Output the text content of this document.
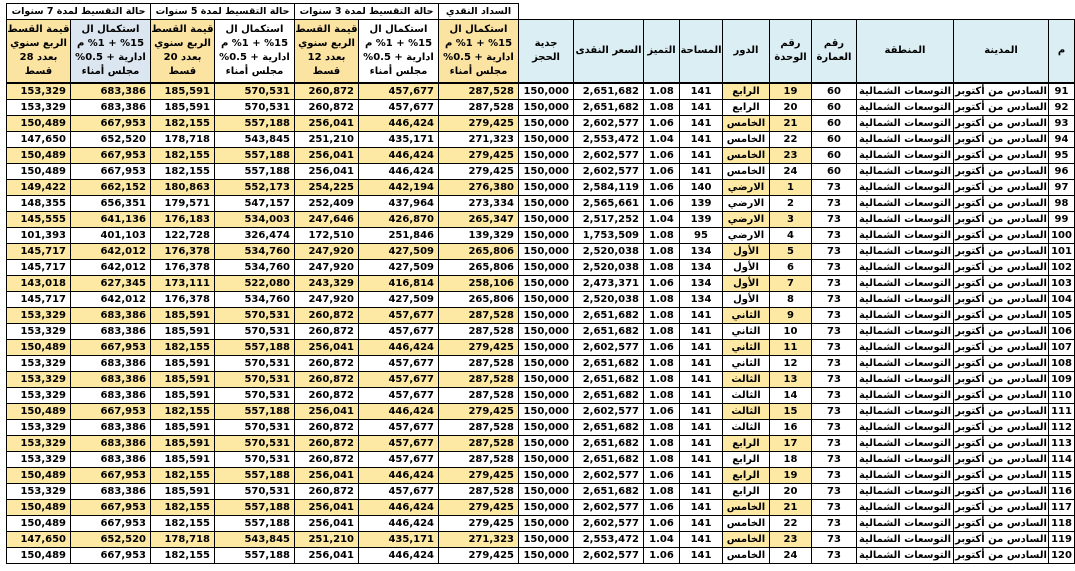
حالة التقسيط لمدة 7 سنوات		حالة التقسيط لمدة 5 سنوات		حالة التقسيط لمدة 3 سنوات		السداد النقدي										
قيمة القسط الربع سنوي بعدد 28 قسط	استكمال ال 15% + 1% م ادارية + 0.5% مجلس أمناء	قيمة القسط الربع سنوي بعدد 20 قسط	استكمال ال 15% + 1% م ادارية + 0.5% مجلس أمناء	قيمة القسط الربع سنوي بعدد 12 قسط	استكمال ال 15% + 1% م ادارية + 0.5% مجلس أمناء	استكمال ال 15% + 1% م ادارية + 0.5% مجلس أمناء	جدية الحجز	السعر النقدى	التميز	المساحة	الدور	رقم الوحدة	رقم العمارة	المنطقة	المدينة	م
153,329	683,386	185,591	570,531	260,872	457,677	287,528	150,000	2,651,682	1.08	141	الرابع	19	60	التوسعات الشمالية	السادس من أكتوبر	91
153,329	683,386	185,591	570,531	260,872	457,677	287,528	150,000	2,651,682	1.08	141	الرابع	20	60	التوسعات الشمالية	السادس من أكتوبر	92
150,489	667,953	182,155	557,188	256,041	446,424	279,425	150,000	2,602,577	1.06	141	الخامس	21	60	التوسعات الشمالية	السادس من أكتوبر	93
147,650	652,520	178,718	543,845	251,210	435,171	271,323	150,000	2,553,472	1.04	141	الخامس	22	60	التوسعات الشمالية	السادس من أكتوبر	94
150,489	667,953	182,155	557,188	256,041	446,424	279,425	150,000	2,602,577	1.06	141	الخامس	23	60	التوسعات الشمالية	السادس من أكتوبر	95
150,489	667,953	182,155	557,188	256,041	446,424	279,425	150,000	2,602,577	1.06	141	الخامس	24	60	التوسعات الشمالية	السادس من أكتوبر	96
149,422	662,152	180,863	552,173	254,225	442,194	276,380	150,000	2,584,119	1.06	140	الارضي	1	73	التوسعات الشمالية	السادس من أكتوبر	97
148,355	656,351	179,571	547,157	252,409	437,964	273,334	150,000	2,565,661	1.06	139	الارضي	2	73	التوسعات الشمالية	السادس من أكتوبر	98
145,555	641,136	176,183	534,003	247,646	426,870	265,347	150,000	2,517,252	1.04	139	الارضي	3	73	التوسعات الشمالية	السادس من أكتوبر	99
101,393	401,103	122,728	326,474	172,510	251,846	139,329	150,000	1,753,509	1.08	95	الارضي	4	73	التوسعات الشمالية	السادس من أكتوبر	100
145,717	642,012	176,378	534,760	247,920	427,509	265,806	150,000	2,520,038	1.08	134	الأول	5	73	التوسعات الشمالية	السادس من أكتوبر	101
145,717	642,012	176,378	534,760	247,920	427,509	265,806	150,000	2,520,038	1.08	134	الأول	6	73	التوسعات الشمالية	السادس من أكتوبر	102
143,018	627,345	173,111	522,080	243,329	416,814	258,106	150,000	2,473,371	1.06	134	الأول	7	73	التوسعات الشمالية	السادس من أكتوبر	103
145,717	642,012	176,378	534,760	247,920	427,509	265,806	150,000	2,520,038	1.08	134	الأول	8	73	التوسعات الشمالية	السادس من أكتوبر	104
153,329	683,386	185,591	570,531	260,872	457,677	287,528	150,000	2,651,682	1.08	141	الثاني	9	73	التوسعات الشمالية	السادس من أكتوبر	105
153,329	683,386	185,591	570,531	260,872	457,677	287,528	150,000	2,651,682	1.08	141	الثاني	10	73	التوسعات الشمالية	السادس من أكتوبر	106
150,489	667,953	182,155	557,188	256,041	446,424	279,425	150,000	2,602,577	1.06	141	الثاني	11	73	التوسعات الشمالية	السادس من أكتوبر	107
153,329	683,386	185,591	570,531	260,872	457,677	287,528	150,000	2,651,682	1.08	141	الثاني	12	73	التوسعات الشمالية	السادس من أكتوبر	108
153,329	683,386	185,591	570,531	260,872	457,677	287,528	150,000	2,651,682	1.08	141	الثالث	13	73	التوسعات الشمالية	السادس من أكتوبر	109
153,329	683,386	185,591	570,531	260,872	457,677	287,528	150,000	2,651,682	1.08	141	الثالث	14	73	التوسعات الشمالية	السادس من أكتوبر	110
150,489	667,953	182,155	557,188	256,041	446,424	279,425	150,000	2,602,577	1.06	141	الثالث	15	73	التوسعات الشمالية	السادس من أكتوبر	111
153,329	683,386	185,591	570,531	260,872	457,677	287,528	150,000	2,651,682	1.08	141	الثالث	16	73	التوسعات الشمالية	السادس من أكتوبر	112
153,329	683,386	185,591	570,531	260,872	457,677	287,528	150,000	2,651,682	1.08	141	الرابع	17	73	التوسعات الشمالية	السادس من أكتوبر	113
153,329	683,386	185,591	570,531	260,872	457,677	287,528	150,000	2,651,682	1.08	141	الرابع	18	73	التوسعات الشمالية	السادس من أكتوبر	114
150,489	667,953	182,155	557,188	256,041	446,424	279,425	150,000	2,602,577	1.06	141	الرابع	19	73	التوسعات الشمالية	السادس من أكتوبر	115
153,329	683,386	185,591	570,531	260,872	457,677	287,528	150,000	2,651,682	1.08	141	الرابع	20	73	التوسعات الشمالية	السادس من أكتوبر	116
150,489	667,953	182,155	557,188	256,041	446,424	279,425	150,000	2,602,577	1.06	141	الخامس	21	73	التوسعات الشمالية	السادس من أكتوبر	117
150,489	667,953	182,155	557,188	256,041	446,424	279,425	150,000	2,602,577	1.06	141	الخامس	22	73	التوسعات الشمالية	السادس من أكتوبر	118
147,650	652,520	178,718	543,845	251,210	435,171	271,323	150,000	2,553,472	1.04	141	الخامس	23	73	التوسعات الشمالية	السادس من أكتوبر	119
150,489	667,953	182,155	557,188	256,041	446,424	279,425	150,000	2,602,577	1.06	141	الخامس	24	73	التوسعات الشمالية	السادس من أكتوبر	120
